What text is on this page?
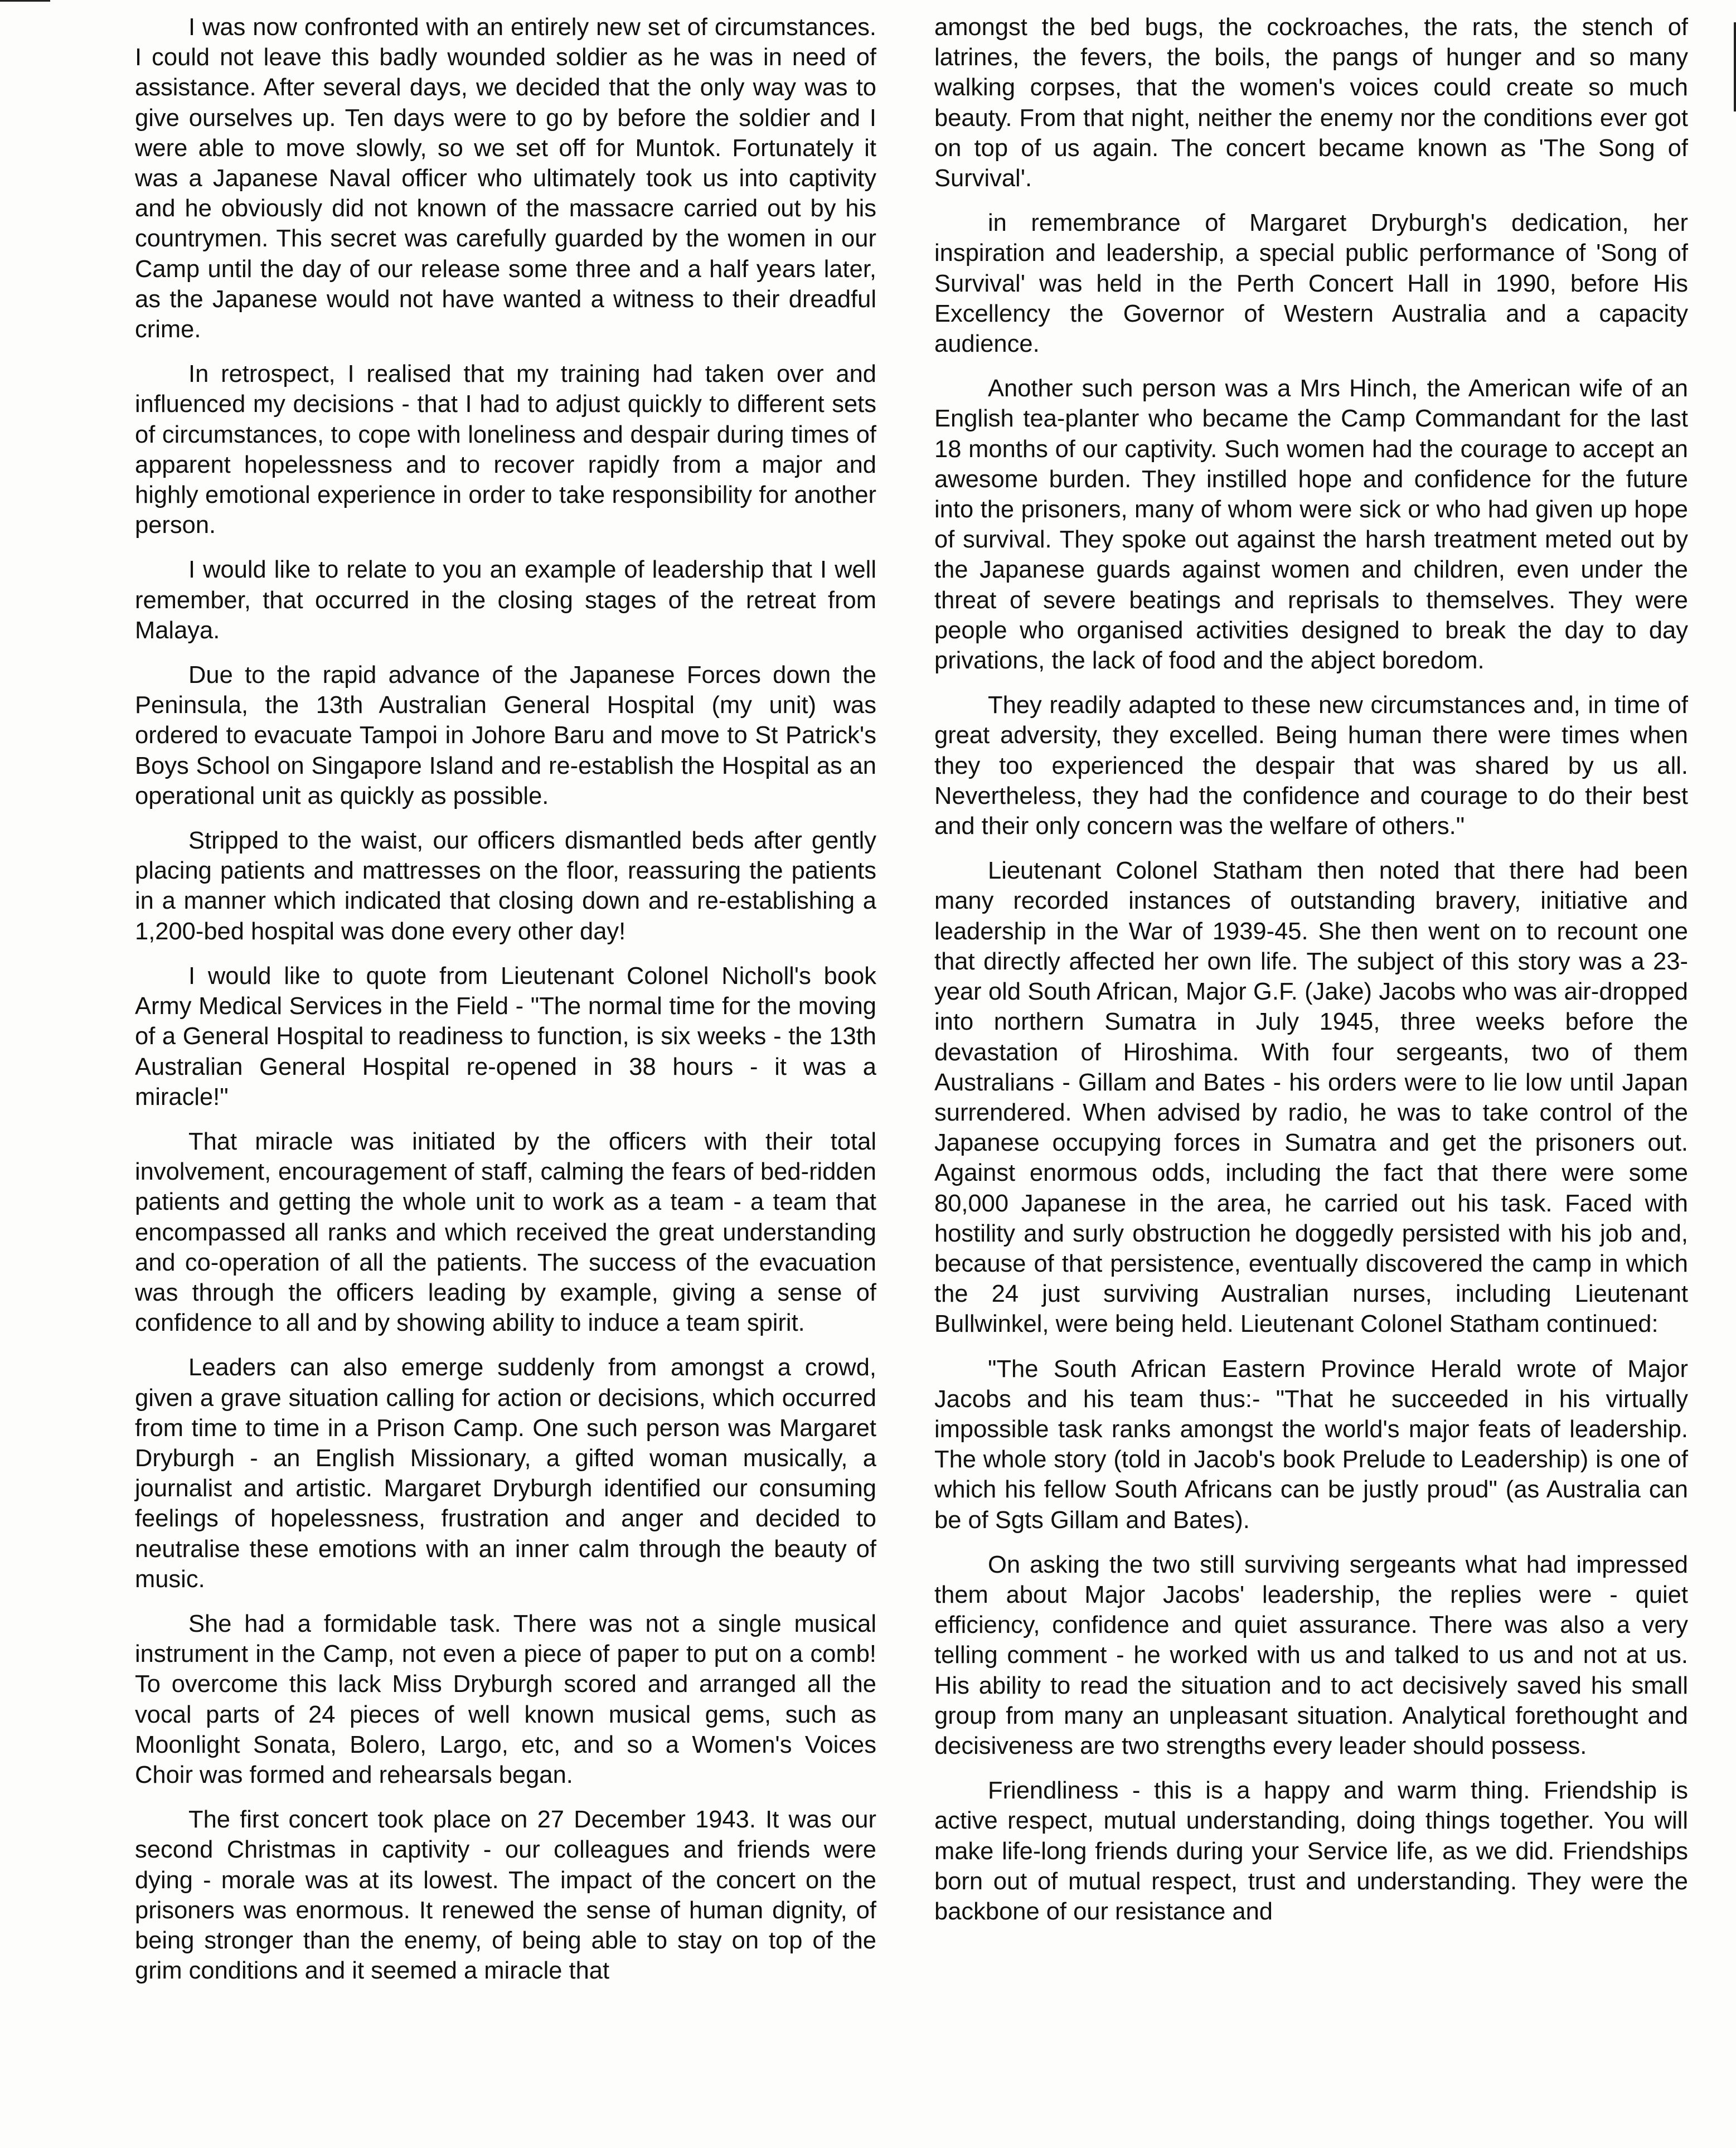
I was now confronted with an entirely new set of circumstances. I could not leave this badly wounded soldier as he was in need of assistance. After several days, we decided that the only way was to give ourselves up. Ten days were to go by before the soldier and I were able to move slowly, so we set off for Muntok. Fortunately it was a Japanese Naval officer who ultimately took us into captivity and he obviously did not known of the massacre carried out by his countrymen. This secret was carefully guarded by the women in our Camp until the day of our release some three and a half years later, as the Japanese would not have wanted a witness to their dreadful crime.

In retrospect, I realised that my training had taken over and influenced my decisions - that I had to adjust quickly to different sets of circumstances, to cope with loneliness and despair during times of apparent hopelessness and to recover rapidly from a major and highly emotional experience in order to take responsibility for another person.

I would like to relate to you an example of leadership that I well remember, that occurred in the closing stages of the retreat from Malaya.

Due to the rapid advance of the Japanese Forces down the Peninsula, the 13th Australian General Hospital (my unit) was ordered to evacuate Tampoi in Johore Baru and move to St Patrick's Boys School on Singapore Island and re-establish the Hospital as an operational unit as quickly as possible.

Stripped to the waist, our officers dismantled beds after gently placing patients and mattresses on the floor, reassuring the patients in a manner which indicated that closing down and re-establishing a 1,200-bed hospital was done every other day!

I would like to quote from Lieutenant Colonel Nicholl's book Army Medical Services in the Field - "The normal time for the moving of a General Hospital to readiness to function, is six weeks - the 13th Australian General Hospital re-opened in 38 hours - it was a miracle!"

That miracle was initiated by the officers with their total involvement, encouragement of staff, calming the fears of bed-ridden patients and getting the whole unit to work as a team - a team that encompassed all ranks and which received the great understanding and co-operation of all the patients. The success of the evacuation was through the officers leading by example, giving a sense of confidence to all and by showing ability to induce a team spirit.

Leaders can also emerge suddenly from amongst a crowd, given a grave situation calling for action or decisions, which occurred from time to time in a Prison Camp. One such person was Margaret Dryburgh - an English Missionary, a gifted woman musically, a journalist and artistic. Margaret Dryburgh identified our consuming feelings of hopelessness, frustration and anger and decided to neutralise these emotions with an inner calm through the beauty of music.

She had a formidable task. There was not a single musical instrument in the Camp, not even a piece of paper to put on a comb! To overcome this lack Miss Dryburgh scored and arranged all the vocal parts of 24 pieces of well known musical gems, such as Moonlight Sonata, Bolero, Largo, etc, and so a Women's Voices Choir was formed and rehearsals began.

The first concert took place on 27 December 1943. It was our second Christmas in captivity - our colleagues and friends were dying - morale was at its lowest. The impact of the concert on the prisoners was enormous. It renewed the sense of human dignity, of being stronger than the enemy, of being able to stay on top of the grim conditions and it seemed a miracle that

amongst the bed bugs, the cockroaches, the rats, the stench of latrines, the fevers, the boils, the pangs of hunger and so many walking corpses, that the women's voices could create so much beauty. From that night, neither the enemy nor the conditions ever got on top of us again. The concert became known as 'The Song of Survival'.

in remembrance of Margaret Dryburgh's dedication, her inspiration and leadership, a special public performance of 'Song of Survival' was held in the Perth Concert Hall in 1990, before His Excellency the Governor of Western Australia and a capacity audience.

Another such person was a Mrs Hinch, the American wife of an English tea-planter who became the Camp Commandant for the last 18 months of our captivity. Such women had the courage to accept an awesome burden. They instilled hope and confidence for the future into the prisoners, many of whom were sick or who had given up hope of survival. They spoke out against the harsh treatment meted out by the Japanese guards against women and children, even under the threat of severe beatings and reprisals to themselves. They were people who organised activities designed to break the day to day privations, the lack of food and the abject boredom.

They readily adapted to these new circumstances and, in time of great adversity, they excelled. Being human there were times when they too experienced the despair that was shared by us all. Nevertheless, they had the confidence and courage to do their best and their only concern was the welfare of others."

Lieutenant Colonel Statham then noted that there had been many recorded instances of outstanding bravery, initiative and leadership in the War of 1939-45. She then went on to recount one that directly affected her own life. The subject of this story was a 23-year old South African, Major G.F. (Jake) Jacobs who was air-dropped into northern Sumatra in July 1945, three weeks before the devastation of Hiroshima. With four sergeants, two of them Australians - Gillam and Bates - his orders were to lie low until Japan surrendered. When advised by radio, he was to take control of the Japanese occupying forces in Sumatra and get the prisoners out. Against enormous odds, including the fact that there were some 80,000 Japanese in the area, he carried out his task. Faced with hostility and surly obstruction he doggedly persisted with his job and, because of that persistence, eventually discovered the camp in which the 24 just surviving Australian nurses, including Lieutenant Bullwinkel, were being held. Lieutenant Colonel Statham continued:

"The South African Eastern Province Herald wrote of Major Jacobs and his team thus:- "That he succeeded in his virtually impossible task ranks amongst the world's major feats of leadership. The whole story (told in Jacob's book Prelude to Leadership) is one of which his fellow South Africans can be justly proud" (as Australia can be of Sgts Gillam and Bates).

On asking the two still surviving sergeants what had impressed them about Major Jacobs' leadership, the replies were - quiet efficiency, confidence and quiet assurance. There was also a very telling comment - he worked with us and talked to us and not at us. His ability to read the situation and to act decisively saved his small group from many an unpleasant situation. Analytical forethought and decisiveness are two strengths every leader should possess.

Friendliness - this is a happy and warm thing. Friendship is active respect, mutual understanding, doing things together. You will make life-long friends during your Service life, as we did. Friendships born out of mutual respect, trust and understanding. They were the backbone of our resistance and
